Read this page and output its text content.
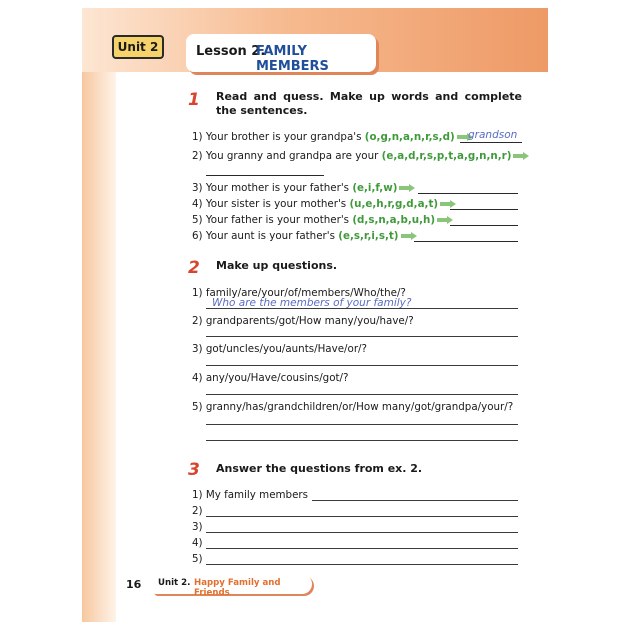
Unit 2	Lesson 2.
FAMILY MEMBERS
1	Read and quess. Make up words and complete the sentences.
1) Your brother is your grandpa's (o,g,n,a,n,r,s,d)	grandson
2) You granny and grandpa are your (e,a,d,r,s,p,t,a,g,n,n,r)
3) Your mother is your father's (e,i,f,w)
4) Your sister is your mother's (u,e,h,r,g,d,a,t)
5) Your father is your mother's (d,s,n,a,b,u,h)
6) Your aunt is your father's (e,s,r,i,s,t)
2	Make up questions.
1) family/are/your/of/members/Who/the/?
Who are the members of your family?
2) grandparents/got/How many/you/have/?
3) got/uncles/you/aunts/Have/or/?
4) any/you/Have/cousins/got/?
5) granny/has/grandchildren/or/How many/got/grandpa/your/?
3	Answer the questions from ex. 2.
1) My family members
2)
3)
4)
5)
16 Unit 2. Happy Family and Friends
